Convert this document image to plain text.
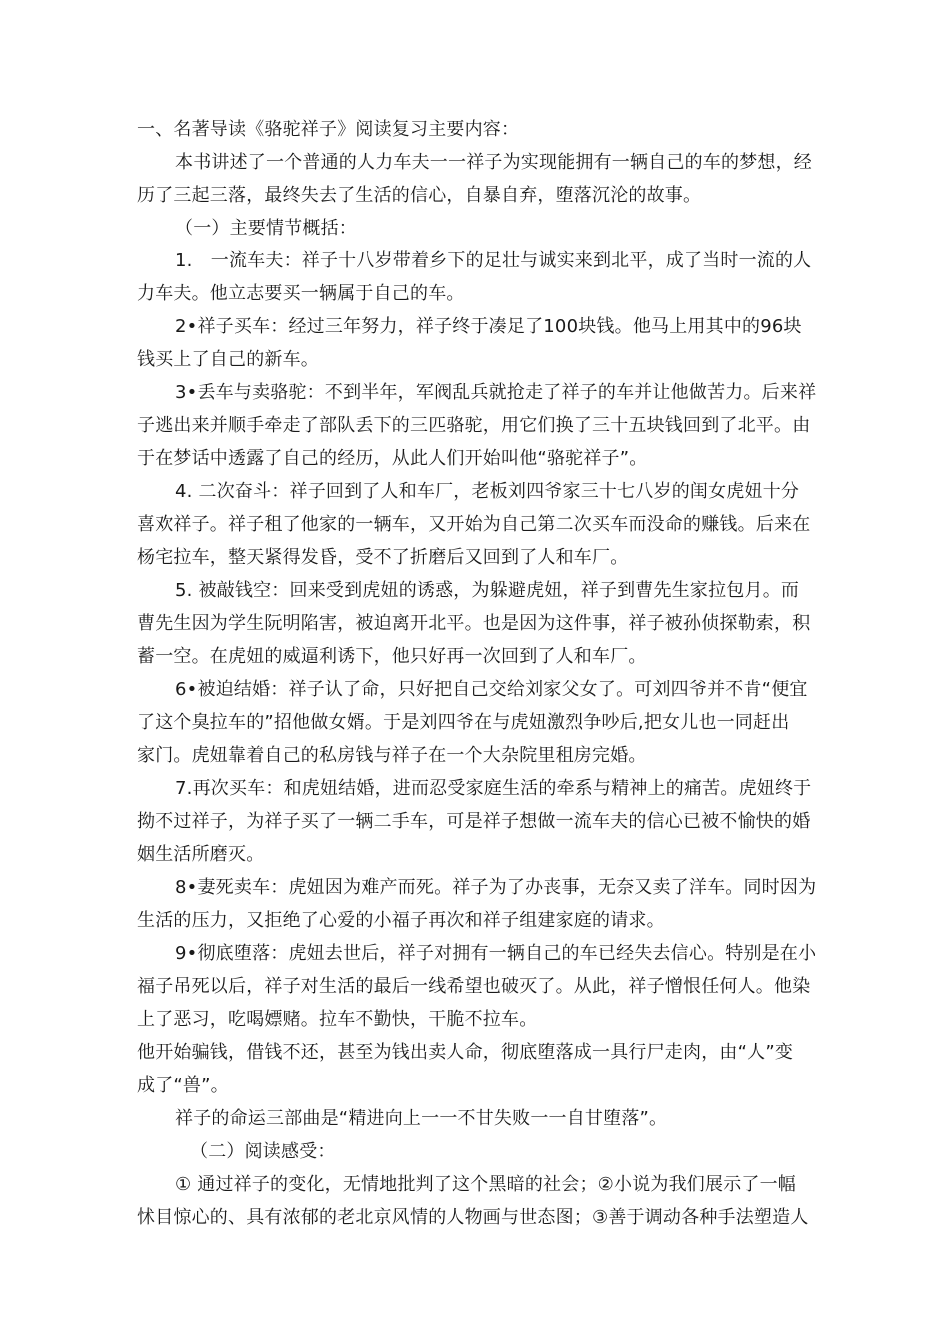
一、名著导读《骆驼祥子》阅读复习主要内容：
本书讲述了一个普通的人力车夫一一祥子为实现能拥有一辆自己的车的梦想，经
历了三起三落，最终失去了生活的信心，自暴自弃，堕落沉沦的故事。
（一）主要情节概括：
1.　一流车夫：祥子十八岁带着乡下的足壮与诚实来到北平，成了当时一流的人
力车夫。他立志要买一辆属于自己的车。
2•祥子买车：经过三年努力，祥子终于凑足了100块钱。他马上用其中的96块
钱买上了自己的新车。
3•丢车与卖骆驼：不到半年，军阀乱兵就抢走了祥子的车并让他做苦力。后来祥
子逃出来并顺手牵走了部队丢下的三匹骆驼，用它们换了三十五块钱回到了北平。由
于在梦话中透露了自己的经历，从此人们开始叫他“骆驼祥子”。
4. 二次奋斗：祥子回到了人和车厂，老板刘四爷家三十七八岁的闺女虎妞十分
喜欢祥子。祥子租了他家的一辆车，又开始为自己第二次买车而没命的赚钱。后来在
杨宅拉车，整天紧得发昏，受不了折磨后又回到了人和车厂。
5. 被敲钱空：回来受到虎妞的诱惑，为躲避虎妞，祥子到曹先生家拉包月。而
曹先生因为学生阮明陷害，被迫离开北平。也是因为这件事，祥子被孙侦探勒索，积
蓄一空。在虎妞的威逼利诱下，他只好再一次回到了人和车厂。
6•被迫结婚：祥子认了命，只好把自己交给刘家父女了。可刘四爷并不肯“便宜
了这个臭拉车的”招他做女婿。于是刘四爷在与虎妞激烈争吵后,把女儿也一同赶出
家门。虎妞靠着自己的私房钱与祥子在一个大杂院里租房完婚。
7.再次买车：和虎妞结婚，进而忍受家庭生活的牵系与精神上的痛苦。虎妞终于
拗不过祥子，为祥子买了一辆二手车，可是祥子想做一流车夫的信心已被不愉快的婚
姻生活所磨灭。
8•妻死卖车：虎妞因为难产而死。祥子为了办丧事，无奈又卖了洋车。同时因为
生活的压力，又拒绝了心爱的小福子再次和祥子组建家庭的请求。
9•彻底堕落：虎妞去世后，祥子对拥有一辆自己的车已经失去信心。特别是在小
福子吊死以后，祥子对生活的最后一线希望也破灭了。从此，祥子憎恨任何人。他染
上了恶习，吃喝嫖赌。拉车不勤快，干脆不拉车。
他开始骗钱，借钱不还，甚至为钱出卖人命，彻底堕落成一具行尸走肉，由“人”变
成了“兽”。
祥子的命运三部曲是“精进向上一一不甘失败一一自甘堕落”。
（二）阅读感受：
① 通过祥子的变化，无情地批判了这个黑暗的社会；②小说为我们展示了一幅
怵目惊心的、具有浓郁的老北京风情的人物画与世态图；③善于调动各种手法塑造人
